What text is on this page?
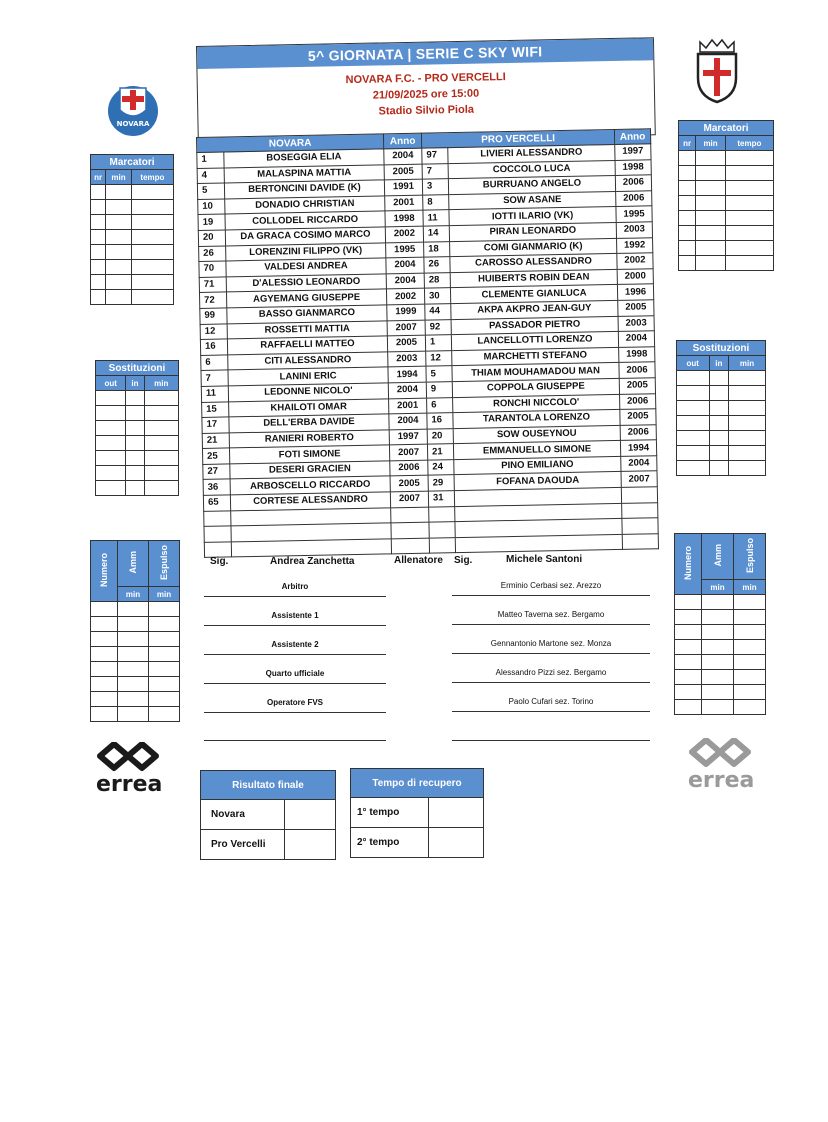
NOVARA
5^ GIORNATA | SERIE C SKY WIFI
NOVARA F.C. - PRO VERCELLI
21/09/2025 ore 15:00
Stadio Silvio Piola
NOVARA		Anno	PRO VERCELLI		Anno
1	BOSEGGIA ELIA	2004	97	LIVIERI ALESSANDRO	1997
4	MALASPINA MATTIA	2005	7	COCCOLO LUCA	1998
5	BERTONCINI DAVIDE (K)	1991	3	BURRUANO ANGELO	2006
10	DONADIO CHRISTIAN	2001	8	SOW ASANE	2006
19	COLLODEL RICCARDO	1998	11	IOTTI ILARIO (VK)	1995
20	DA GRACA COSIMO MARCO	2002	14	PIRAN LEONARDO	2003
26	LORENZINI FILIPPO (VK)	1995	18	COMI GIANMARIO (K)	1992
70	VALDESI ANDREA	2004	26	CAROSSO ALESSANDRO	2002
71	D'ALESSIO LEONARDO	2004	28	HUIBERTS ROBIN DEAN	2000
72	AGYEMANG GIUSEPPE	2002	30	CLEMENTE GIANLUCA	1996
99	BASSO GIANMARCO	1999	44	AKPA AKPRO JEAN-GUY	2005
12	ROSSETTI MATTIA	2007	92	PASSADOR PIETRO	2003
16	RAFFAELLI MATTEO	2005	1	LANCELLOTTI LORENZO	2004
6	CITI ALESSANDRO	2003	12	MARCHETTI STEFANO	1998
7	LANINI ERIC	1994	5	THIAM MOUHAMADOU MAN	2006
11	LEDONNE NICOLO'	2004	9	COPPOLA GIUSEPPE	2005
15	KHAILOTI OMAR	2001	6	RONCHI NICCOLO'	2006
17	DELL'ERBA DAVIDE	2004	16	TARANTOLA LORENZO	2005
21	RANIERI ROBERTO	1997	20	SOW OUSEYNOU	2006
25	FOTI SIMONE	2007	21	EMMANUELLO SIMONE	1994
27	DESERI GRACIEN	2006	24	PINO EMILIANO	2004
36	ARBOSCELLO RICCARDO	2005	29	FOFANA DAOUDA	2007
65	CORTESE ALESSANDRO	2007	31		

Marcatori		
nr	min	tempo

Marcatori		
nr	min	tempo

Sostituzioni		
out	in	min

Sostituzioni		
out	in	min

Numero	Amm	Espulso
	min	min

Numero	Amm	Espulso
	min	min

Sig.	Andrea Zanchetta	Allenatore Sig.	Michele Santoni
Arbitro	Erminio Cerbasi sez. Arezzo
Assistente 1	Matteo Taverna sez. Bergamo
Assistente 2	Gennantonio Martone sez. Monza
Quarto ufficiale	Alessandro Pizzi sez. Bergamo
Operatore FVS	Paolo Cufari sez. Torino
errea	errea
Risultato finale	
Novara	
Pro Vercelli	
Tempo di recupero	
1° tempo	
2° tempo	
